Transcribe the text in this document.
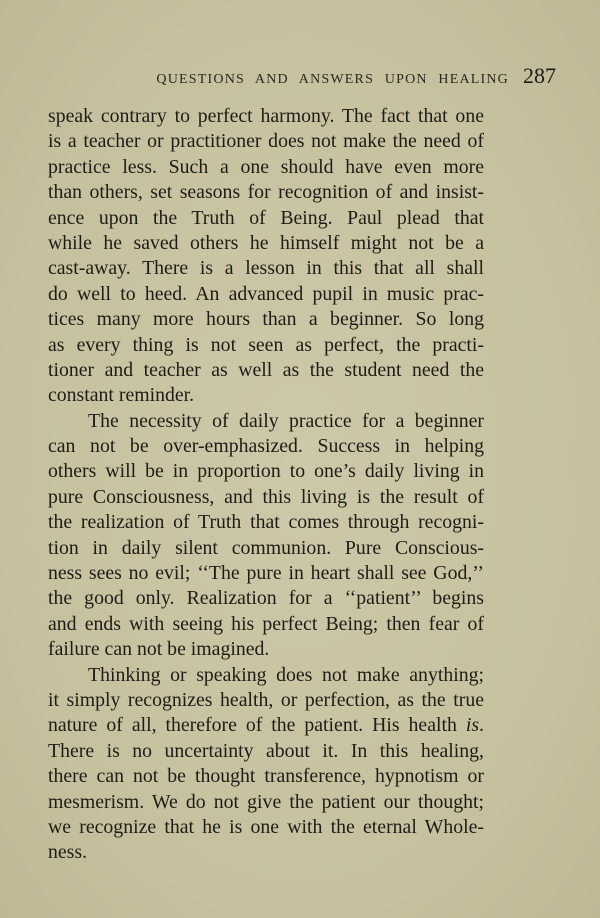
QUESTIONS AND ANSWERS UPON HEALING 287
speak contrary to perfect harmony. The fact that one
is a teacher or practitioner does not make the need of
practice less. Such a one should have even more
than others, set seasons for recognition of and insist-
ence upon the Truth of Being. Paul plead that
while he saved others he himself might not be a
cast-away. There is a lesson in this that all shall
do well to heed. An advanced pupil in music prac-
tices many more hours than a beginner. So long
as every thing is not seen as perfect, the practi-
tioner and teacher as well as the student need the
constant reminder.
The necessity of daily practice for a beginner
can not be over-emphasized. Success in helping
others will be in proportion to one’s daily living in
pure Consciousness, and this living is the result of
the realization of Truth that comes through recogni-
tion in daily silent communion. Pure Conscious-
ness sees no evil; ‘‘The pure in heart shall see God,’’
the good only. Realization for a ‘‘patient’’ begins
and ends with seeing his perfect Being; then fear of
failure can not be imagined.
Thinking or speaking does not make anything;
it simply recognizes health, or perfection, as the true
nature of all, therefore of the patient. His health is.
There is no uncertainty about it. In this healing,
there can not be thought transference, hypnotism or
mesmerism. We do not give the patient our thought;
we recognize that he is one with the eternal Whole-
ness.
